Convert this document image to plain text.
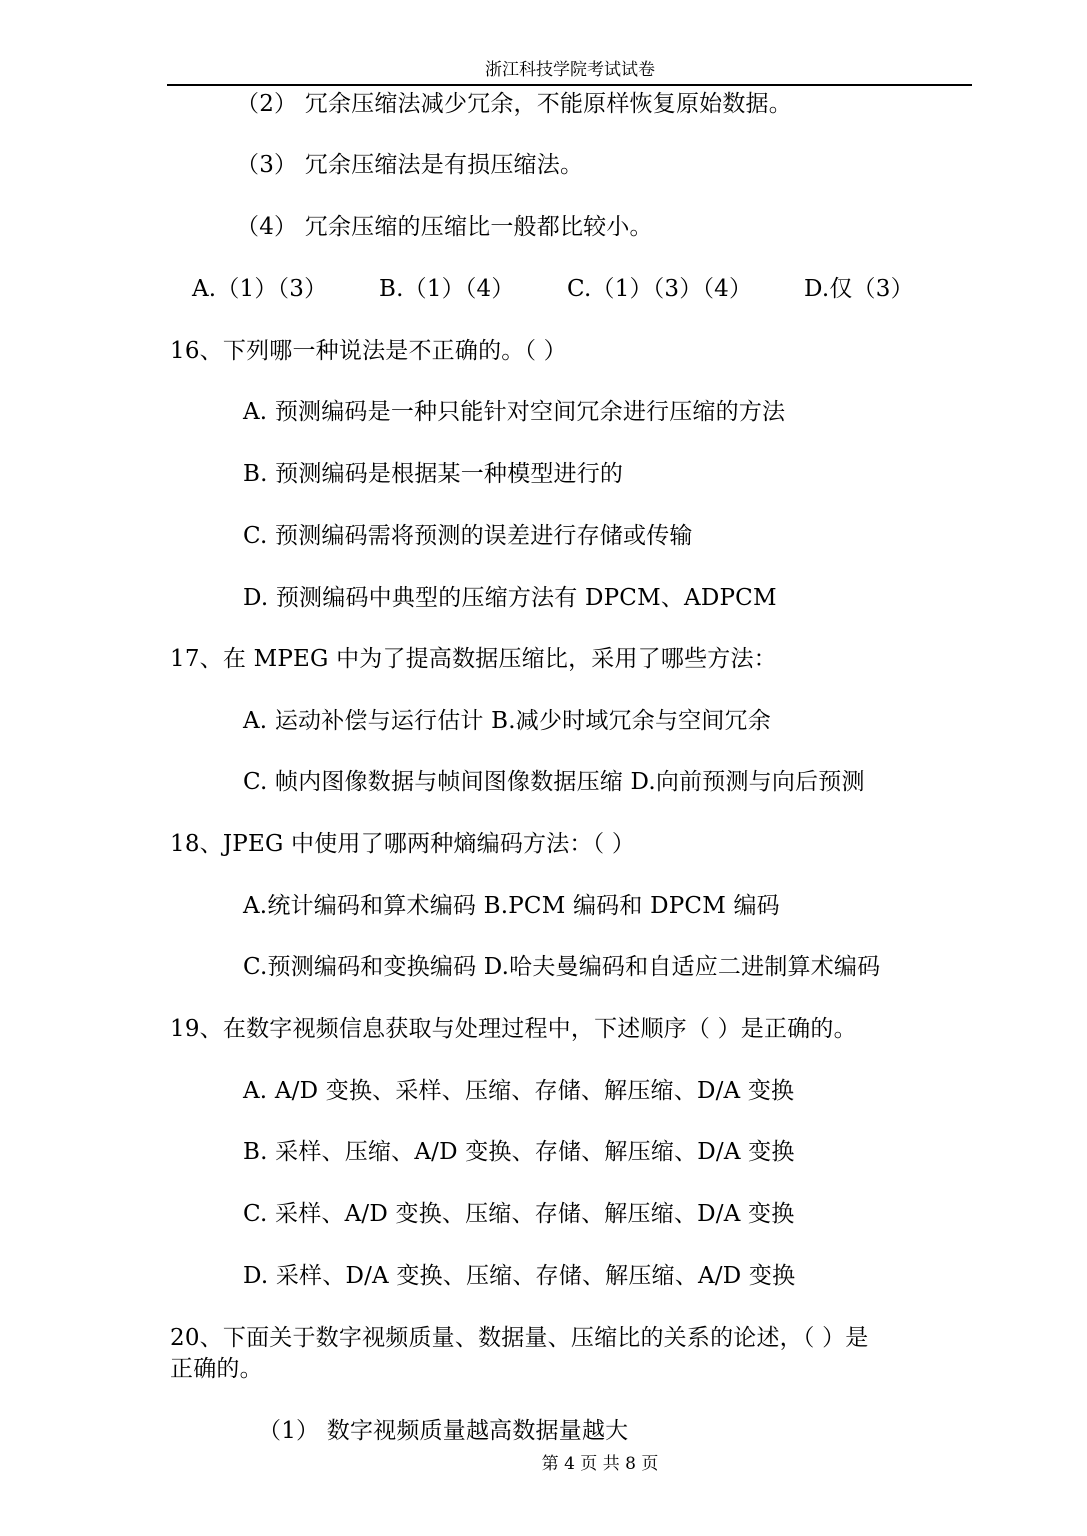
浙江科技学院考试试卷
（2） 冗余压缩法减少冗余，不能原样恢复原始数据。
（3） 冗余压缩法是有损压缩法。
（4） 冗余压缩的压缩比一般都比较小。
A.（1）（3） B.（1）（4） C.（1）（3）（4） D.仅（3）
16、下列哪一种说法是不正确的。（ ）
A. 预测编码是一种只能针对空间冗余进行压缩的方法
B. 预测编码是根据某一种模型进行的
C. 预测编码需将预测的误差进行存储或传输
D. 预测编码中典型的压缩方法有 DPCM、ADPCM
17、在 MPEG 中为了提高数据压缩比，采用了哪些方法：
A. 运动补偿与运行估计 B.减少时域冗余与空间冗余
C. 帧内图像数据与帧间图像数据压缩 D.向前预测与向后预测
18、JPEG 中使用了哪两种熵编码方法：（ ）
A.统计编码和算术编码 B.PCM 编码和 DPCM 编码
C.预测编码和变换编码 D.哈夫曼编码和自适应二进制算术编码
19、在数字视频信息获取与处理过程中，下述顺序（ ）是正确的。
A. A/D 变换、采样、压缩、存储、解压缩、D/A 变换
B. 采样、压缩、A/D 变换、存储、解压缩、D/A 变换
C. 采样、A/D 变换、压缩、存储、解压缩、D/A 变换
D. 采样、D/A 变换、压缩、存储、解压缩、A/D 变换
20、下面关于数字视频质量、数据量、压缩比的关系的论述，（ ）是
正确的。
（1） 数字视频质量越高数据量越大
第 4 页 共 8 页
